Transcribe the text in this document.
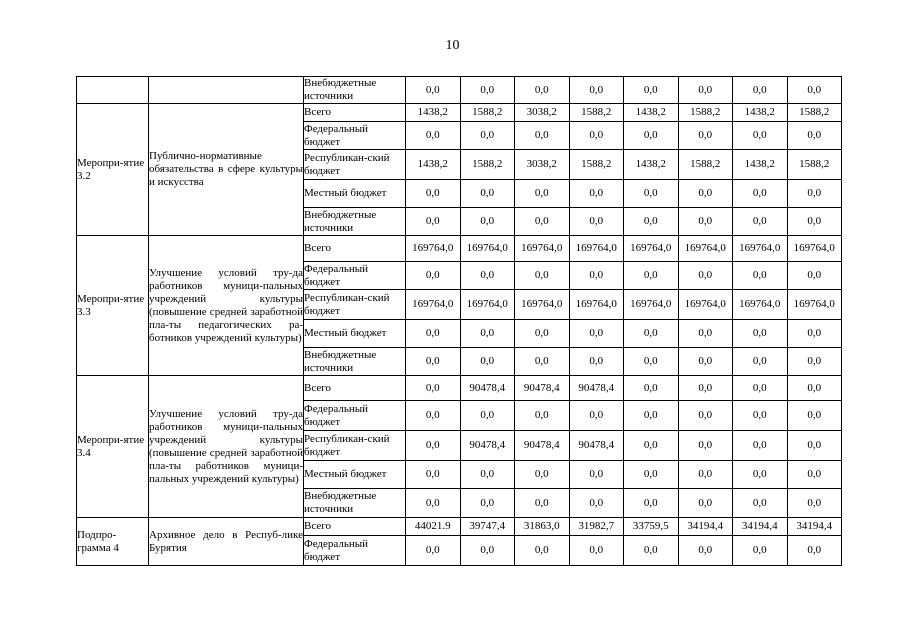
10
		Внебюджетные источники	0,0	0,0	0,0	0,0	0,0	0,0	0,0	0,0
Меропри-ятие 3.2	Публично-нормативные обязательства в сфере культуры и искусства	Всего	1438,2	1588,2	3038,2	1588,2	1438,2	1588,2	1438,2	1588,2
		Федеральный бюджет	0,0	0,0	0,0	0,0	0,0	0,0	0,0	0,0
		Республикан-ский бюджет	1438,2	1588,2	3038,2	1588,2	1438,2	1588,2	1438,2	1588,2
		Местный бюджет	0,0	0,0	0,0	0,0	0,0	0,0	0,0	0,0
		Внебюджетные источники	0,0	0,0	0,0	0,0	0,0	0,0	0,0	0,0
Меропри-ятие 3.3	Улучшение условий тру-да работников муници-пальных учреждений культуры (повышение средней заработной пла-ты педагогических ра-ботников учреждений культуры)	Всего	169764,0	169764,0	169764,0	169764,0	169764,0	169764,0	169764,0	169764,0
		Федеральный бюджет	0,0	0,0	0,0	0,0	0,0	0,0	0,0	0,0
		Республикан-ский бюджет	169764,0	169764,0	169764,0	169764,0	169764,0	169764,0	169764,0	169764,0
		Местный бюджет	0,0	0,0	0,0	0,0	0,0	0,0	0,0	0,0
		Внебюджетные источники	0,0	0,0	0,0	0,0	0,0	0,0	0,0	0,0
Меропри-ятие 3.4	Улучшение условий тру-да работников муници-пальных учреждений культуры (повышение средней заработной пла-ты работников муници-пальных учреждений культуры)	Всего	0,0	90478,4	90478,4	90478,4	0,0	0,0	0,0	0,0
		Федеральный бюджет	0,0	0,0	0,0	0,0	0,0	0,0	0,0	0,0
		Республикан-ский бюджет	0,0	90478,4	90478,4	90478,4	0,0	0,0	0,0	0,0
		Местный бюджет	0,0	0,0	0,0	0,0	0,0	0,0	0,0	0,0
		Внебюджетные источники	0,0	0,0	0,0	0,0	0,0	0,0	0,0	0,0
Подпро-грамма 4	Архивное дело в Респуб-лике Бурятия	Всего	44021.9	39747,4	31863,0	31982,7	33759,5	34194,4	34194,4	34194,4
		Федеральный бюджет	0,0	0,0	0,0	0,0	0,0	0,0	0,0	0,0
